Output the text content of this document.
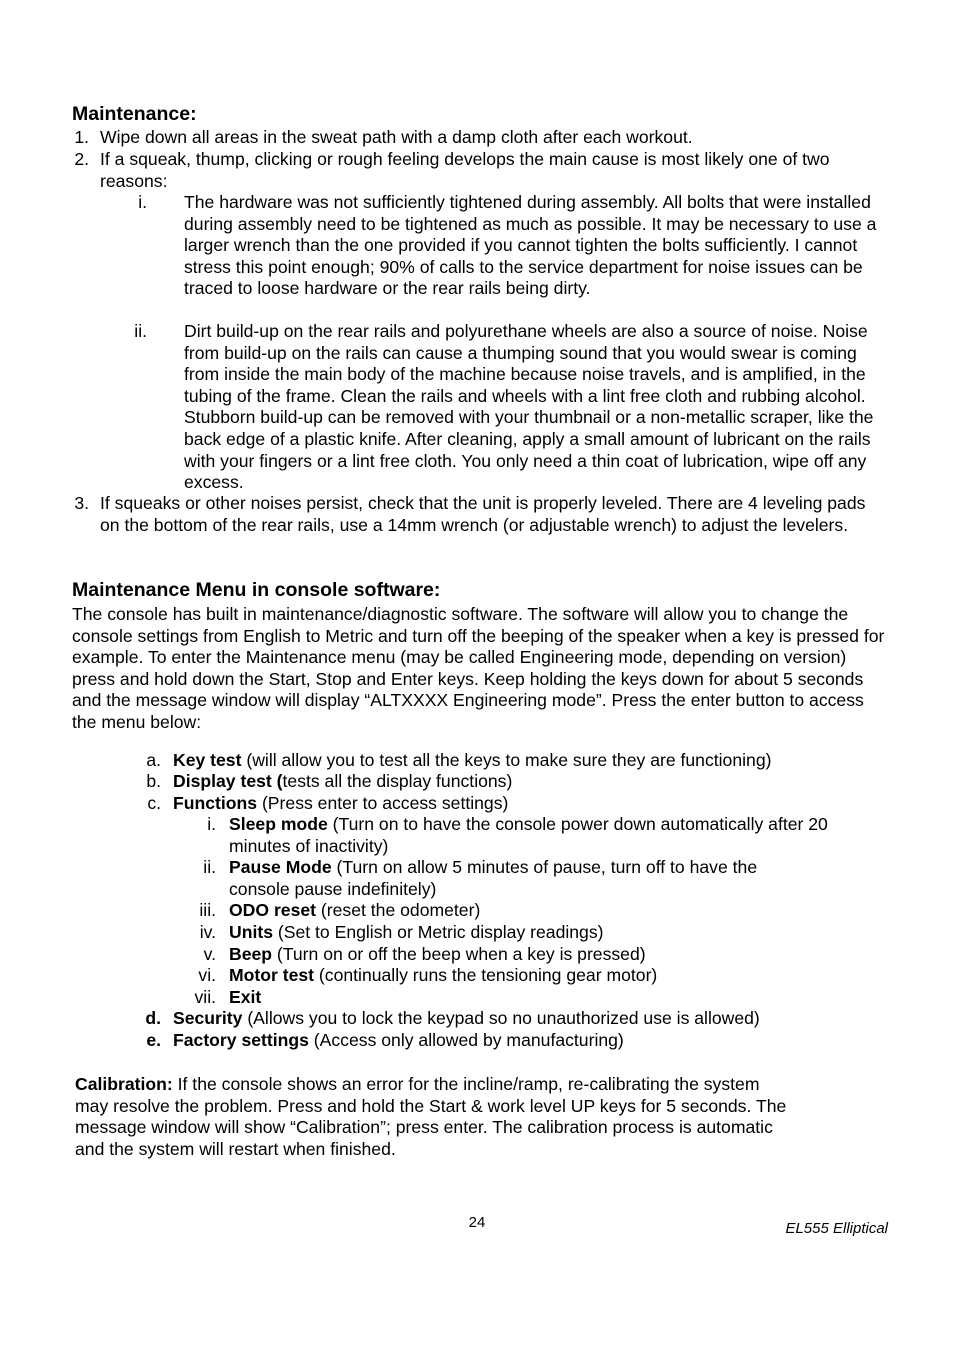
Maintenance:
1. Wipe down all areas in the sweat path with a damp cloth after each workout.
2. If a squeak, thump, clicking or rough feeling develops the main cause is most likely one of two reasons:
i. The hardware was not sufficiently tightened during assembly. All bolts that were installed during assembly need to be tightened as much as possible. It may be necessary to use a larger wrench than the one provided if you cannot tighten the bolts sufficiently. I cannot stress this point enough; 90% of calls to the service department for noise issues can be traced to loose hardware or the rear rails being dirty.
ii. Dirt build-up on the rear rails and polyurethane wheels are also a source of noise. Noise from build-up on the rails can cause a thumping sound that you would swear is coming from inside the main body of the machine because noise travels, and is amplified, in the tubing of the frame. Clean the rails and wheels with a lint free cloth and rubbing alcohol. Stubborn build-up can be removed with your thumbnail or a non-metallic scraper, like the back edge of a plastic knife. After cleaning, apply a small amount of lubricant on the rails with your fingers or a lint free cloth. You only need a thin coat of lubrication, wipe off any excess.
3. If squeaks or other noises persist, check that the unit is properly leveled. There are 4 leveling pads on the bottom of the rear rails, use a 14mm wrench (or adjustable wrench) to adjust the levelers.
Maintenance Menu in console software:

The console has built in maintenance/diagnostic software. The software will allow you to change the console settings from English to Metric and turn off the beeping of the speaker when a key is pressed for example. To enter the Maintenance menu (may be called Engineering mode, depending on version) press and hold down the Start, Stop and Enter keys. Keep holding the keys down for about 5 seconds and the message window will display “ALTXXXX Engineering mode”. Press the enter button to access the menu below:

a. Key test (will allow you to test all the keys to make sure they are functioning)
b. Display test (tests all the display functions)
c. Functions (Press enter to access settings)
i. Sleep mode (Turn on to have the console power down automatically after 20 minutes of inactivity)
ii. Pause Mode (Turn on allow 5 minutes of pause, turn off to have the console pause indefinitely)
iii. ODO reset (reset the odometer)
iv. Units (Set to English or Metric display readings)
v. Beep (Turn on or off the beep when a key is pressed)
vi. Motor test (continually runs the tensioning gear motor)
vii. Exit
d. Security (Allows you to lock the keypad so no unauthorized use is allowed)
e. Factory settings (Access only allowed by manufacturing)

Calibration: If the console shows an error for the incline/ramp, re-calibrating the system may resolve the problem. Press and hold the Start & work level UP keys for 5 seconds. The message window will show “Calibration”; press enter. The calibration process is automatic and the system will restart when finished.

24	EL555 Elliptical
